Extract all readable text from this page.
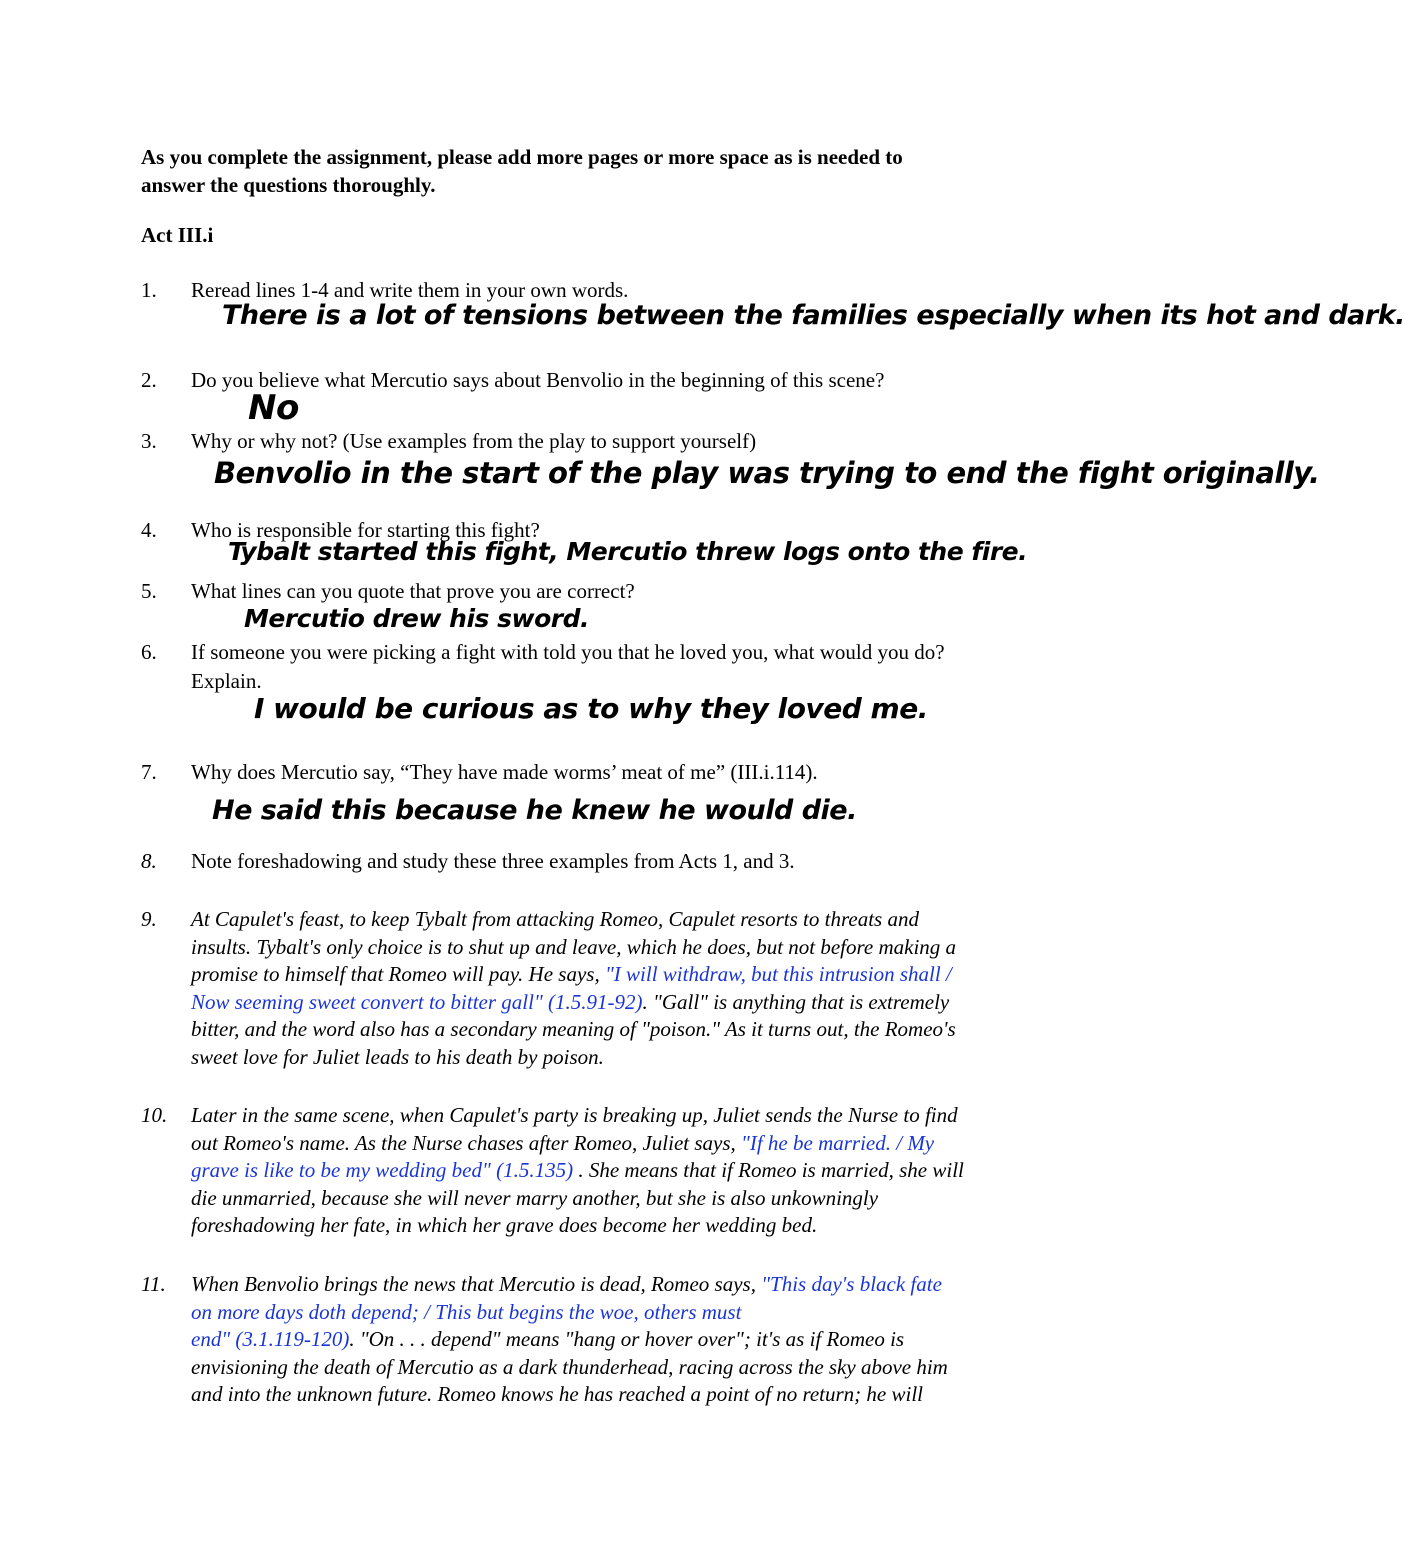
As you complete the assignment, please add more pages or more space as is needed to
answer the questions thoroughly.
Act III.i
1.	Reread lines 1-4 and write them in your own words.
There is a lot of tensions between the families especially when its hot and dark.
2.	Do you believe what Mercutio says about Benvolio in the beginning of this scene?
No
3.	Why or why not? (Use examples from the play to support yourself)
Benvolio in the start of the play was trying to end the fight originally.
4.	Who is responsible for starting this fight?
Tybalt started this fight, Mercutio threw logs onto the fire.
5.	What lines can you quote that prove you are correct?
Mercutio drew his sword.
6.	If someone you were picking a fight with told you that he loved you, what would you do?
Explain.
I would be curious as to why they loved me.
7.	Why does Mercutio say, “They have made worms’ meat of me” (III.i.114).
He said this because he knew he would die.
8.	Note foreshadowing and study these three examples from Acts 1, and 3.
9.	At Capulet's feast, to keep Tybalt from attacking Romeo, Capulet resorts to threats and
insults. Tybalt's only choice is to shut up and leave, which he does, but not before making a
promise to himself that Romeo will pay. He says, "I will withdraw, but this intrusion shall /
Now seeming sweet convert to bitter gall" (1.5.91-92). "Gall" is anything that is extremely
bitter, and the word also has a secondary meaning of "poison." As it turns out, the Romeo's
sweet love for Juliet leads to his death by poison.
10.	Later in the same scene, when Capulet's party is breaking up, Juliet sends the Nurse to find
out Romeo's name. As the Nurse chases after Romeo, Juliet says, "If he be married. / My
grave is like to be my wedding bed" (1.5.135) . She means that if Romeo is married, she will
die unmarried, because she will never marry another, but she is also unkowningly
foreshadowing her fate, in which her grave does become her wedding bed.
11.	When Benvolio brings the news that Mercutio is dead, Romeo says, "This day's black fate
on more days doth depend; / This but begins the woe, others must
end" (3.1.119-120). "On . . . depend" means "hang or hover over"; it's as if Romeo is
envisioning the death of Mercutio as a dark thunderhead, racing across the sky above him
and into the unknown future. Romeo knows he has reached a point of no return; he will
